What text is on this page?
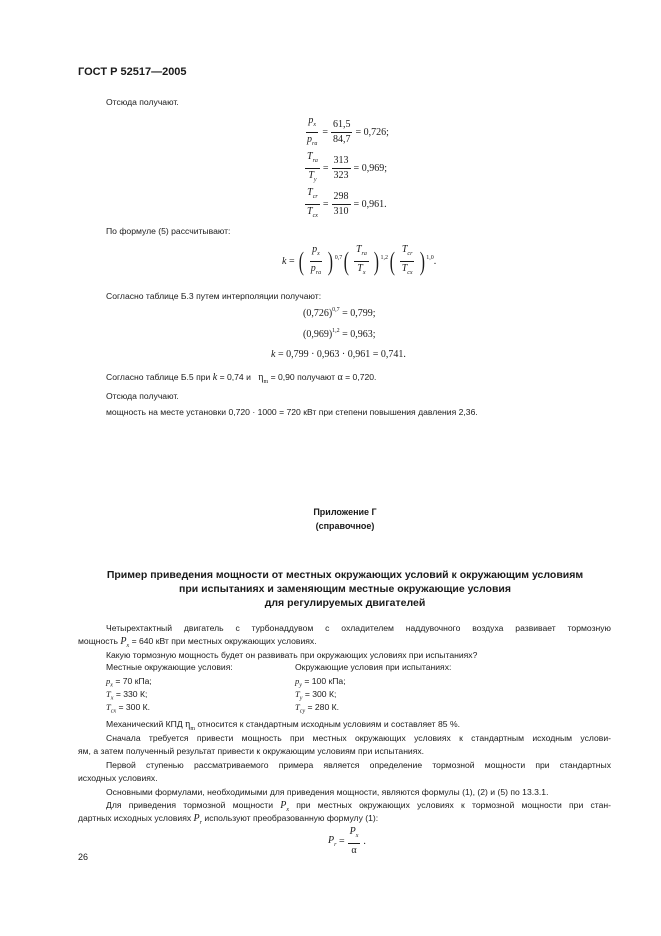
ГОСТ Р 52517—2005
Отсюда получают.
$\frac{p_x}{p_{ra}} = \frac{61,5}{84,7} = 0,726$;
$\frac{T_{ra}}{T_y} = \frac{313}{323} = 0,969$;
$\frac{T_{cr}}{T_{cx}} = \frac{298}{310} = 0,961$.
По формуле (5) рассчитывают:
k = ( $\frac{p_x}{p_{ra}}$ ) $^{0,7}$ ( $\frac{T_{ra}}{T_x}$ ) $^{1,2}$ ( $\frac{T_{cr}}{T_{cx}}$ ) $^{1,0}$ .
Согласно таблице Б.3 путем интерполяции получают:
$(0,726)^{0,7}$
= 0,799;
$(0,969)^{1,2}$
= 0,963;
k
= 0,799 · 0,963 · 0,961 = 0,741.
Согласно таблице Б.5 при k = 0,74 и   $\eta_m = 0,90$ получают α = 0,720.
Отсюда получают.
мощность на месте установки 0,720 · 1000 = 720 кВт при степени повышения давления 2,36.
Приложение Г
(справочное)
Пример приведения мощности от местных окружающих условий к окружающим условиям
при испытаниях и заменяющим местные окружающие условия
для регулируемых двигателей
Четырехтактный двигатель с турбонаддувом с охладителем наддувочного воздуха развивает тормозную
мощность $P_x = 640$ кВт при местных окружающих условиях.
Какую тормозную мощность будет он развивать при окружающих условиях при испытаниях?
Местные окружающие условия:	Окружающие условия при испытаниях:
$p_x = 70$ кПа;
$T_x = 330$ К;
$T_{cx} = 300$ К.
$p_y = 100$ кПа;
$T_y = 300$ К;
$T_{cy} = 280$ К.
Механический КПД $\eta_m$ относится к стандартным исходным условиям и составляет 85 %.
Сначала требуется привести мощность при местных окружающих условиях к стандартным исходным услови-
ям, а затем полученный результат привести к окружающим условиям при испытаниях.
Первой ступенью рассматриваемого примера является определение тормозной мощности при стандартных
исходных условиях.
Основными формулами, необходимыми для приведения мощности, являются формулы (1), (2) и (5) по 13.3.1.
Для приведения тормозной мощности $P_x$ при местных окружающих условиях к тормозной мощности при стан-
дартных исходных условиях $P_r$ используют преобразованную формулу (1):
$P_r = \frac{P_x}{\alpha}$ .
26
